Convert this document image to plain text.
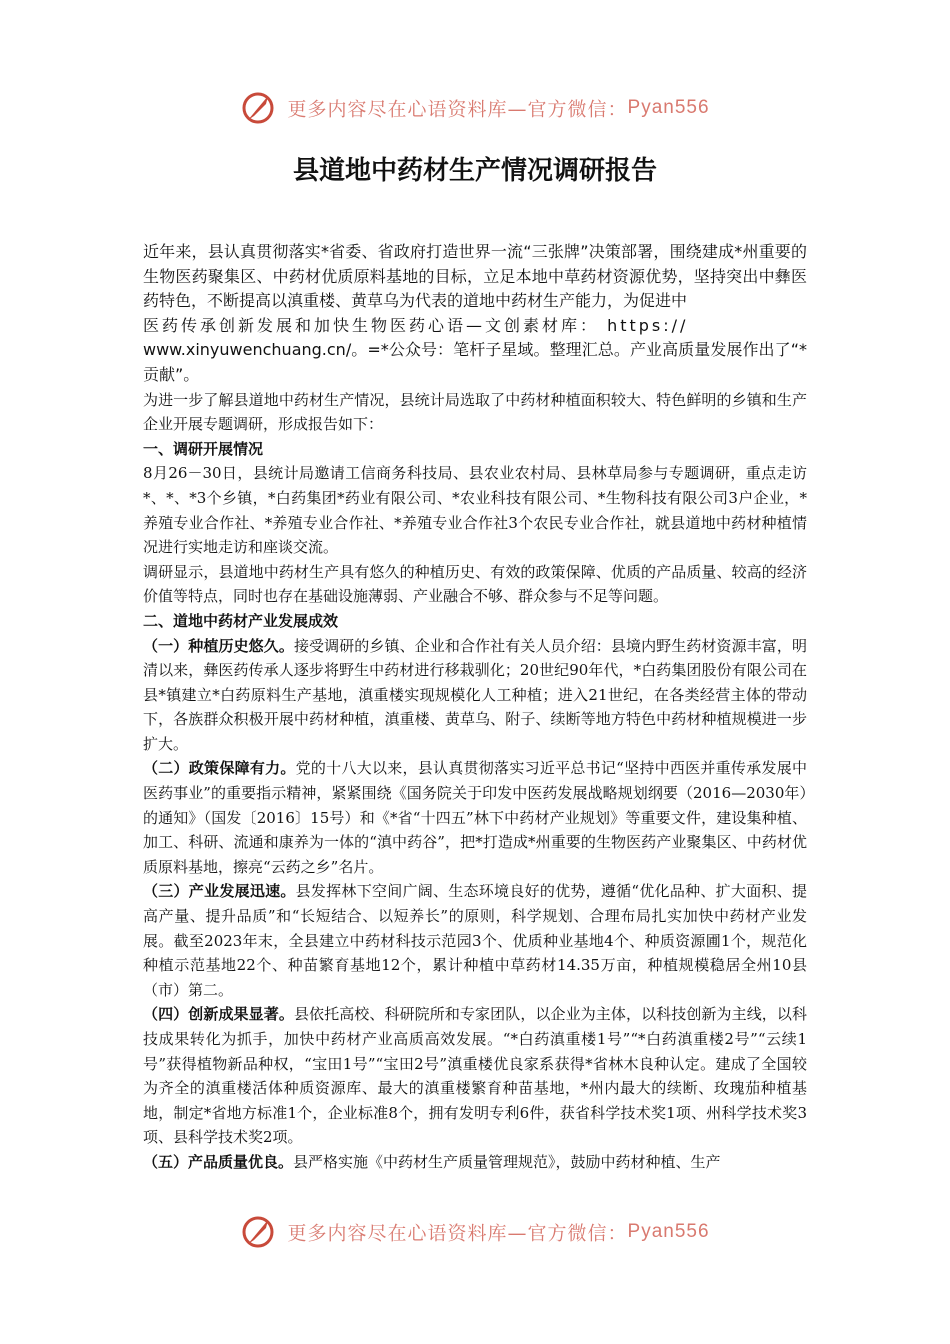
更多内容尽在心语资料库—官方微信：Pyan556
县道地中药材生产情况调研报告

近年来，县认真贯彻落实*省委、省政府打造世界一流“三张牌”决策部署，围绕建成*州重要的生物医药聚集区、中药材优质原料基地的目标，立足本地中草药材资源优势，坚持突出中彝医药特色，不断提高以滇重楼、黄草乌为代表的道地中药材生产能力，为促进中
医药传承创新发展和加快生物医药心语—文创素材库： https://
www.xinyuwenchuang.cn/。=*公众号：笔杆子星域。整理汇总。产业高质量发展作出了“*贡献”。

为进一步了解县道地中药材生产情况，县统计局选取了中药材种植面积较大、特色鲜明的乡镇和生产企业开展专题调研，形成报告如下：

一、调研开展情况

8月26－30日，县统计局邀请工信商务科技局、县农业农村局、县林草局参与专题调研，重点走访*、*、*3个乡镇，*白药集团*药业有限公司、*农业科技有限公司、*生物科技有限公司3户企业，*养殖专业合作社、*养殖专业合作社、*养殖专业合作社3个农民专业合作社，就县道地中药材种植情况进行实地走访和座谈交流。

调研显示，县道地中药材生产具有悠久的种植历史、有效的政策保障、优质的产品质量、较高的经济价值等特点，同时也存在基础设施薄弱、产业融合不够、群众参与不足等问题。

二、道地中药材产业发展成效

（一）种植历史悠久。接受调研的乡镇、企业和合作社有关人员介绍：县境内野生药材资源丰富，明清以来，彝医药传承人逐步将野生中药材进行移栽驯化；20世纪90年代，*白药集团股份有限公司在县*镇建立*白药原料生产基地，滇重楼实现规模化人工种植；进入21世纪，在各类经营主体的带动下，各族群众积极开展中药材种植，滇重楼、黄草乌、附子、续断等地方特色中药材种植规模进一步扩大。

（二）政策保障有力。党的十八大以来，县认真贯彻落实习近平总书记“坚持中西医并重传承发展中医药事业”的重要指示精神，紧紧围绕《国务院关于印发中医药发展战略规划纲要（2016—2030年）的通知》（国发〔2016〕15号）和《*省“十四五”林下中药材产业规划》等重要文件，建设集种植、加工、科研、流通和康养为一体的“滇中药谷”，把*打造成*州重要的生物医药产业聚集区、中药材优质原料基地，擦亮“云药之乡”名片。

（三）产业发展迅速。县发挥林下空间广阔、生态环境良好的优势，遵循“优化品种、扩大面积、提高产量、提升品质”和“长短结合、以短养长”的原则，科学规划、合理布局扎实加快中药材产业发展。截至2023年末，全县建立中药材科技示范园3个、优质种业基地4个、种质资源圃1个，规范化种植示范基地22个、种苗繁育基地12个，累计种植中草药材14.35万亩，种植规模稳居全州10县（市）第二。

（四）创新成果显著。县依托高校、科研院所和专家团队，以企业为主体，以科技创新为主线，以科技成果转化为抓手，加快中药材产业高质高效发展。“*白药滇重楼1号”“*白药滇重楼2号”“云续1号”获得植物新品种权，“宝田1号”“宝田2号”滇重楼优良家系获得*省林木良种认定。建成了全国较为齐全的滇重楼活体种质资源库、最大的滇重楼繁育种苗基地，*州内最大的续断、玫瑰茄种植基地，制定*省地方标准1个，企业标准8个，拥有发明专利6件，获省科学技术奖1项、州科学技术奖3项、县科学技术奖2项。

（五）产品质量优良。县严格实施《中药材生产质量管理规范》，鼓励中药材种植、生产

更多内容尽在心语资料库—官方微信：Pyan556
